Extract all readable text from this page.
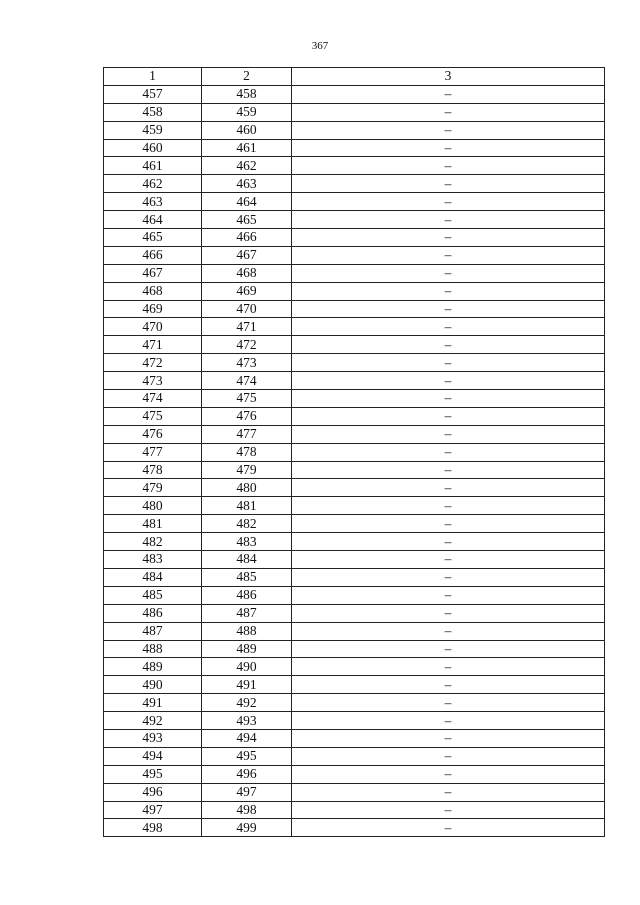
367
1	2	3
457	458	–
458	459	–
459	460	–
460	461	–
461	462	–
462	463	–
463	464	–
464	465	–
465	466	–
466	467	–
467	468	–
468	469	–
469	470	–
470	471	–
471	472	–
472	473	–
473	474	–
474	475	–
475	476	–
476	477	–
477	478	–
478	479	–
479	480	–
480	481	–
481	482	–
482	483	–
483	484	–
484	485	–
485	486	–
486	487	–
487	488	–
488	489	–
489	490	–
490	491	–
491	492	–
492	493	–
493	494	–
494	495	–
495	496	–
496	497	–
497	498	–
498	499	–
